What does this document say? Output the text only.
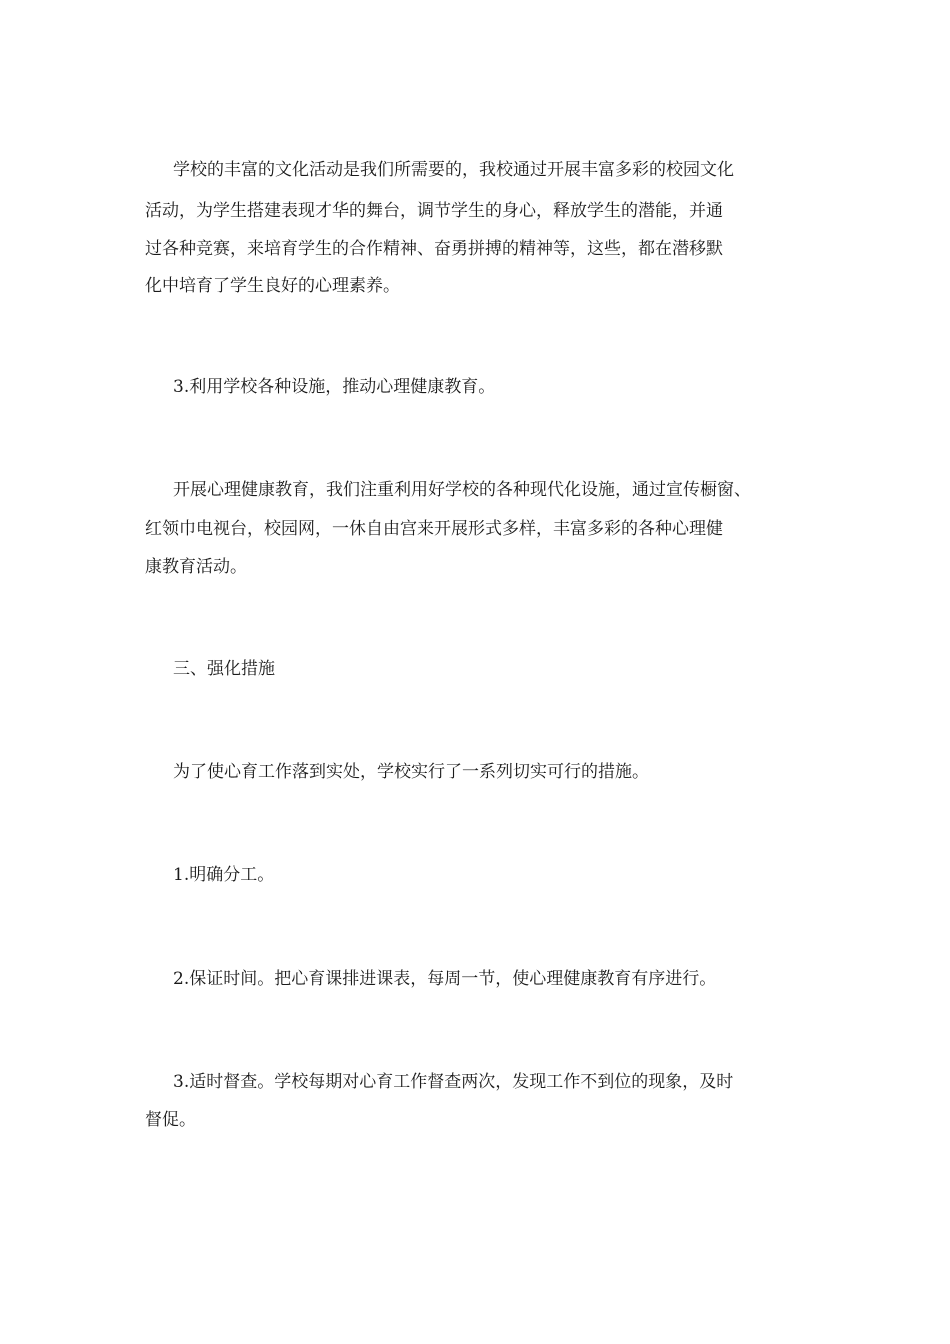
学校的丰富的文化活动是我们所需要的，我校通过开展丰富多彩的校园文化
活动，为学生搭建表现才华的舞台，调节学生的身心，释放学生的潜能，并通
过各种竞赛，来培育学生的合作精神、奋勇拼搏的精神等，这些，都在潜移默
化中培育了学生良好的心理素养。
3.利用学校各种设施，推动心理健康教育。
开展心理健康教育，我们注重利用好学校的各种现代化设施，通过宣传橱窗、
红领巾电视台，校园网，一休自由宫来开展形式多样，丰富多彩的各种心理健
康教育活动。
三、强化措施
为了使心育工作落到实处，学校实行了一系列切实可行的措施。
1.明确分工。
2.保证时间。把心育课排进课表，每周一节，使心理健康教育有序进行。
3.适时督查。学校每期对心育工作督查两次，发现工作不到位的现象，及时
督促。
